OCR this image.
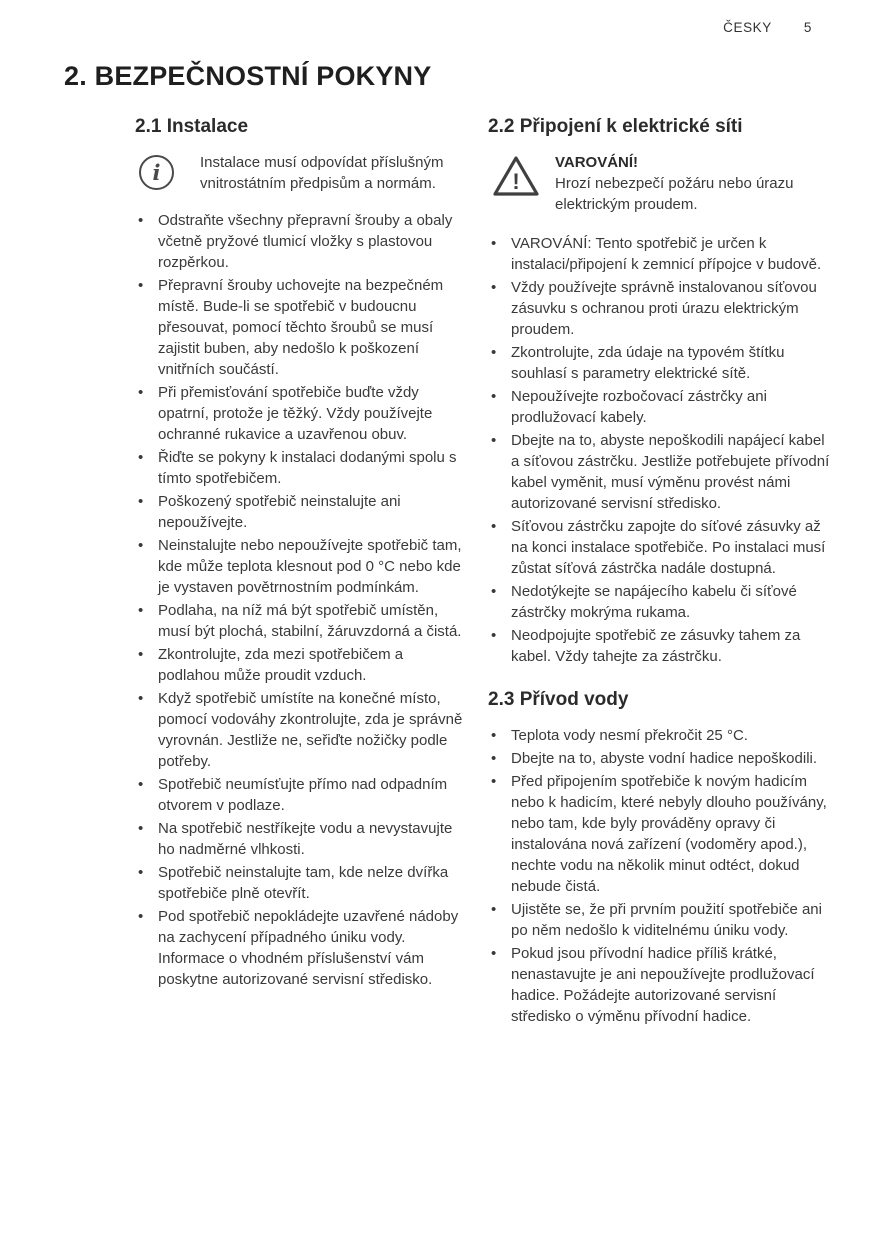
ČESKY 5
2. BEZPEČNOSTNÍ POKYNY
2.1 Instalace
i	Instalace musí odpovídat příslušným vnitrostátním předpisům a normám.

• Odstraňte všechny přepravní šrouby a obaly včetně pryžové tlumicí vložky s plastovou rozpěrkou.
• Přepravní šrouby uchovejte na bezpečném místě. Bude-li se spotřebič v budoucnu přesouvat, pomocí těchto šroubů se musí zajistit buben, aby nedošlo k poškození vnitřních součástí.
• Při přemisťování spotřebiče buďte vždy opatrní, protože je těžký. Vždy používejte ochranné rukavice a uzavřenou obuv.
• Řiďte se pokyny k instalaci dodanými spolu s tímto spotřebičem.
• Poškozený spotřebič neinstalujte ani nepoužívejte.
• Neinstalujte nebo nepoužívejte spotřebič tam, kde může teplota klesnout pod 0 °C nebo kde je vystaven povětrnostním podmínkám.
• Podlaha, na níž má být spotřebič umístěn, musí být plochá, stabilní, žáruvzdorná a čistá.
• Zkontrolujte, zda mezi spotřebičem a podlahou může proudit vzduch.
• Když spotřebič umístíte na konečné místo, pomocí vodováhy zkontrolujte, zda je správně vyrovnán. Jestliže ne, seřiďte nožičky podle potřeby.
• Spotřebič neumísťujte přímo nad odpadním otvorem v podlaze.
• Na spotřebič nestříkejte vodu a nevystavujte ho nadměrné vlhkosti.
• Spotřebič neinstalujte tam, kde nelze dvířka spotřebiče plně otevřít.
• Pod spotřebič nepokládejte uzavřené nádoby na zachycení případného úniku vody. Informace o vhodném příslušenství vám poskytne autorizované servisní středisko.
2.2 Připojení k elektrické síti
!

VAROVÁNÍ!

Hrozí nebezpečí požáru nebo úrazu elektrickým proudem.

• VAROVÁNÍ: Tento spotřebič je určen k instalaci/připojení k zemnicí přípojce v budově.
• Vždy používejte správně instalovanou síťovou zásuvku s ochranou proti úrazu elektrickým proudem.
• Zkontrolujte, zda údaje na typovém štítku souhlasí s parametry elektrické sítě.
• Nepoužívejte rozbočovací zástrčky ani prodlužovací kabely.
• Dbejte na to, abyste nepoškodili napájecí kabel a síťovou zástrčku. Jestliže potřebujete přívodní kabel vyměnit, musí výměnu provést námi autorizované servisní středisko.
• Síťovou zástrčku zapojte do síťové zásuvky až na konci instalace spotřebiče. Po instalaci musí zůstat síťová zástrčka nadále dostupná.
• Nedotýkejte se napájecího kabelu či síťové zástrčky mokrýma rukama.
• Neodpojujte spotřebič ze zásuvky tahem za kabel. Vždy tahejte za zástrčku.
2.3 Přívod vody
• Teplota vody nesmí překročit 25 °C.
• Dbejte na to, abyste vodní hadice nepoškodili.
• Před připojením spotřebiče k novým hadicím nebo k hadicím, které nebyly dlouho používány, nebo tam, kde byly prováděny opravy či instalována nová zařízení (vodoměry apod.), nechte vodu na několik minut odtéct, dokud nebude čistá.
• Ujistěte se, že při prvním použití spotřebiče ani po něm nedošlo k viditelnému úniku vody.
• Pokud jsou přívodní hadice příliš krátké, nenastavujte je ani nepoužívejte prodlužovací hadice. Požádejte autorizované servisní středisko o výměnu přívodní hadice.
